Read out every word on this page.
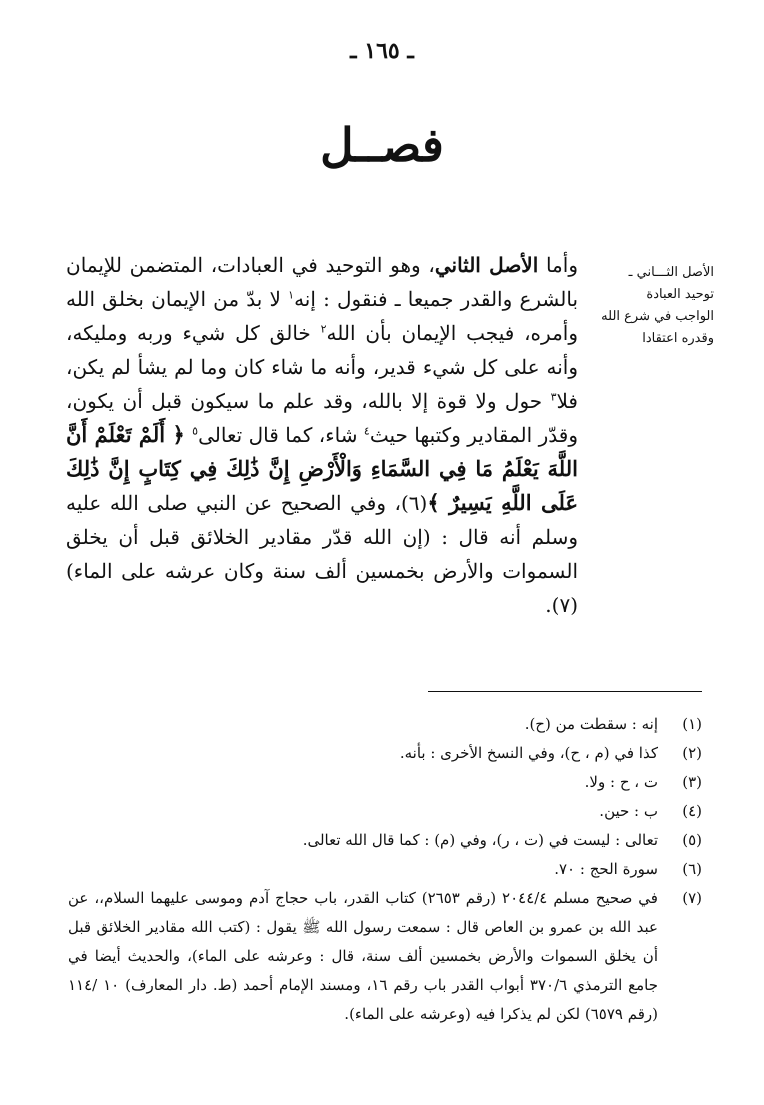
ـ ١٦٥ ـ
فصــل
الأصل الثـــاني ـ
توحيد العبادة
الواجب في شرع الله
وقدره اعتقادا
وأما الأصل الثاني، وهو التوحيد في العبادات، المتضمن للإيمان بالشرع والقدر جميعا ـ فنقول : إنه$^١$ لا بدّ من الإيمان بخلق الله وأمره، فيجب الإيمان بأن الله$^٢$ خالق كل شيء وربه ومليكه، وأنه على كل شيء قدير، وأنه ما شاء كان وما لم يشأ لم يكن، فلا$^٣$ حول ولا قوة إلا بالله، وقد علم ما سيكون قبل أن يكون، وقدّر المقادير وكتبها حيث$^٤$ شاء، كما قال تعالى$^٥$ ﴿ أَلَمْ تَعْلَمْ أَنَّ اللَّهَ يَعْلَمُ مَا فِي السَّمَاءِ وَالْأَرْضِ إِنَّ ذَٰلِكَ فِي كِتَابٍ إِنَّ ذَٰلِكَ عَلَى اللَّهِ يَسِيرٌ ﴾(٦)، وفي الصحيح عن النبي صلى الله عليه وسلم أنه قال : (إن الله قدّر مقادير الخلائق قبل أن يخلق السموات والأرض بخمسين ألف سنة وكان عرشه على الماء)(٧).
(١)
إنه : سقطت من (ح).
(٢)
كذا في (م ، ح)، وفي النسخ الأخرى : بأنه.
(٣)
ت ، ح : ولا.
(٤)
ب : حين.
(٥)
تعالى : ليست في (ت ، ر)، وفي (م) : كما قال الله تعالى.
(٦)
سورة الحج : ٧٠.
(٧)
في صحيح مسلم ٢٠٤٤/٤ (رقم ٢٦٥٣) كتاب القدر، باب حجاج آدم وموسى عليهما السلام،، عن عبد الله بن عمرو بن العاص قال : سمعت رسول الله ﷺ يقول : (كتب الله مقادير الخلائق قبل أن يخلق السموات والأرض بخمسين ألف سنة، قال : وعرشه على الماء)، والحديث أيضا في جامع الترمذي ٣٧٠/٦ أبواب القدر باب رقم ١٦، ومسند الإمام أحمد (ط. دار المعارف) ١٠ /١١٤ (رقم ٦٥٧٩) لكن لم يذكرا فيه (وعرشه على الماء).
